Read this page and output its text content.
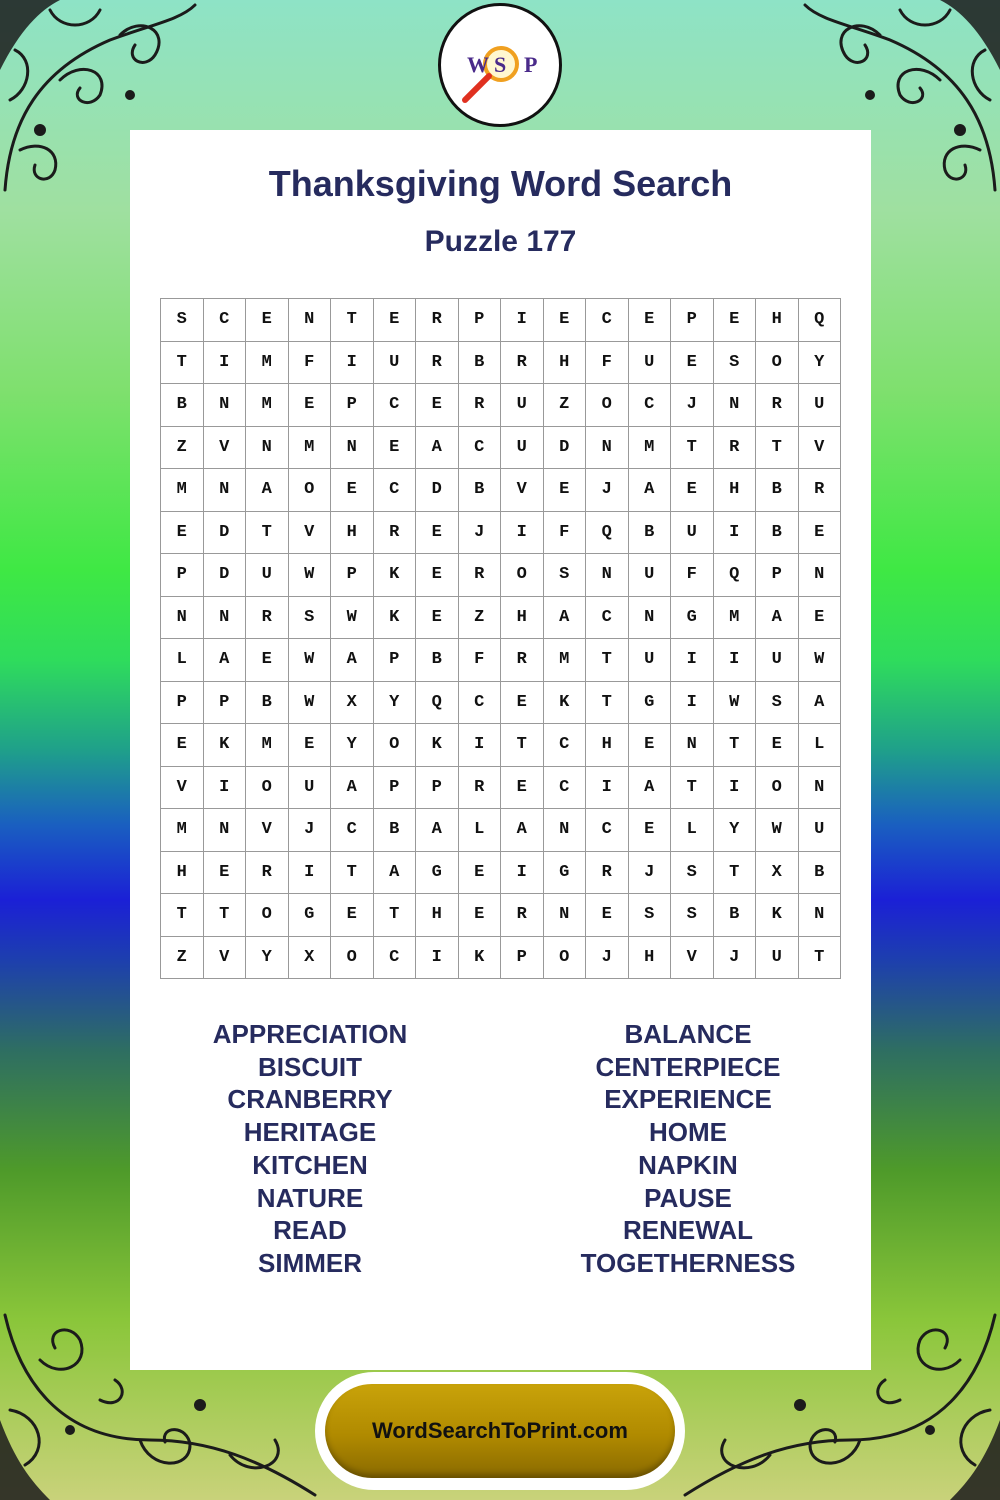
W S P
Thanksgiving Word Search
Puzzle 177
S	C	E	N	T	E	R	P	I	E	C	E	P	E	H	Q
T	I	M	F	I	U	R	B	R	H	F	U	E	S	O	Y
B	N	M	E	P	C	E	R	U	Z	O	C	J	N	R	U
Z	V	N	M	N	E	A	C	U	D	N	M	T	R	T	V
M	N	A	O	E	C	D	B	V	E	J	A	E	H	B	R
E	D	T	V	H	R	E	J	I	F	Q	B	U	I	B	E
P	D	U	W	P	K	E	R	O	S	N	U	F	Q	P	N
N	N	R	S	W	K	E	Z	H	A	C	N	G	M	A	E
L	A	E	W	A	P	B	F	R	M	T	U	I	I	U	W
P	P	B	W	X	Y	Q	C	E	K	T	G	I	W	S	A
E	K	M	E	Y	O	K	I	T	C	H	E	N	T	E	L
V	I	O	U	A	P	P	R	E	C	I	A	T	I	O	N
M	N	V	J	C	B	A	L	A	N	C	E	L	Y	W	U
H	E	R	I	T	A	G	E	I	G	R	J	S	T	X	B
T	T	O	G	E	T	H	E	R	N	E	S	S	B	K	N
Z	V	Y	X	O	C	I	K	P	O	J	H	V	J	U	T
APPRECIATION
BISCUIT
CRANBERRY
HERITAGE
KITCHEN
NATURE
READ
SIMMER
BALANCE
CENTERPIECE
EXPERIENCE
HOME
NAPKIN
PAUSE
RENEWAL
TOGETHERNESS
WordSearchToPrint.com
